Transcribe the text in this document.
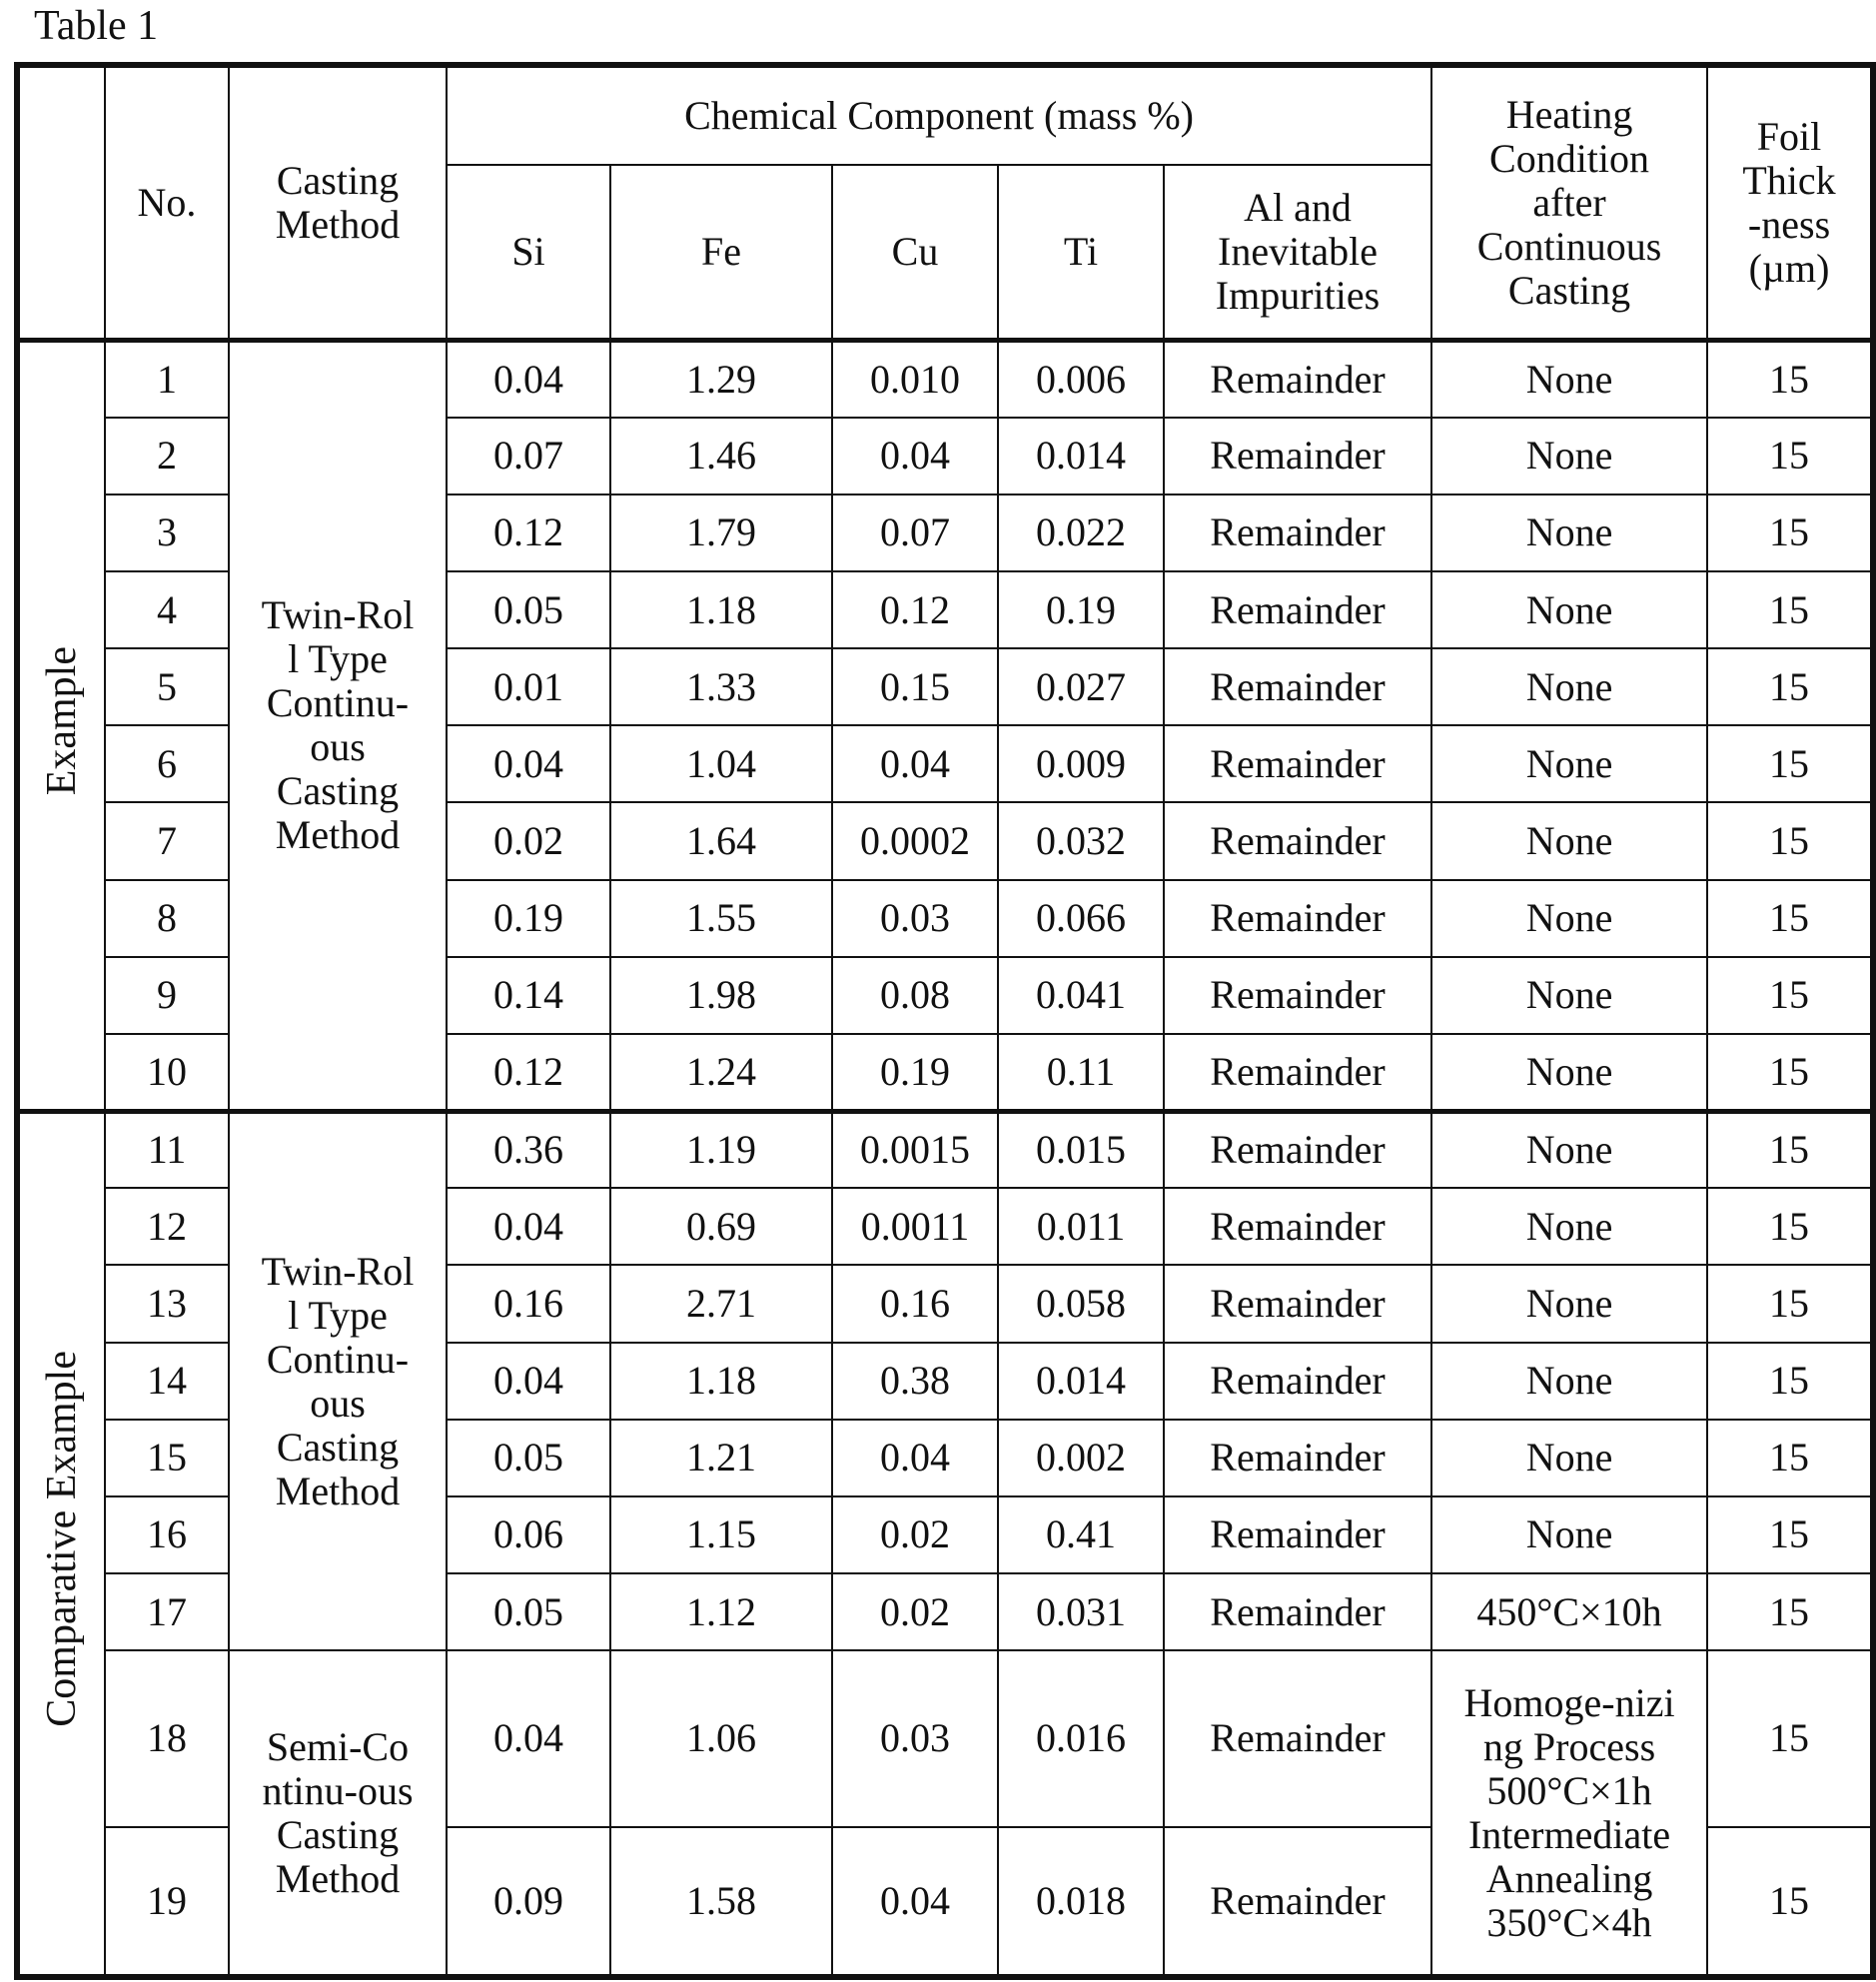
Table 1
	No.	Casting
Method
	Chemical Component (mass %)	Heating
Condition
after
Continuous
Casting

Foil
Thick
-ness
(µm)

Si	Fe	Cu	Ti	
Al and
Inevitable
Impurities

Example	1	
Twin-Rol
l Type
Continu-
ous
Casting
Method
	0.04	1.29	0.010	0.006	Remainder	None	15
2	0.07	1.46	0.04	0.014	Remainder	None	15
3	0.12	1.79	0.07	0.022	Remainder	None	15
4	0.05	1.18	0.12	0.19	Remainder	None	15
5	0.01	1.33	0.15	0.027	Remainder	None	15
6	0.04	1.04	0.04	0.009	Remainder	None	15
7	0.02	1.64	0.0002	0.032	Remainder	None	15
8	0.19	1.55	0.03	0.066	Remainder	None	15
9	0.14	1.98	0.08	0.041	Remainder	None	15
10	0.12	1.24	0.19	0.11	Remainder	None	15
Comparative Example	11	
Twin-Rol
l Type
Continu-
ous
Casting
Method
	0.36	1.19	0.0015	0.015	Remainder	None	15
12	0.04	0.69	0.0011	0.011	Remainder	None	15
13	0.16	2.71	0.16	0.058	Remainder	None	15
14	0.04	1.18	0.38	0.014	Remainder	None	15
15	0.05	1.21	0.04	0.002	Remainder	None	15
16	0.06	1.15	0.02	0.41	Remainder	None	15
17	0.05	1.12	0.02	0.031	Remainder	450°C×10h	15
18	Semi-Co
ntinu-ous
Casting
Method
	0.04	1.06	0.03	0.016	Remainder	
Homoge-nizi
ng Process
500°C×1h
Intermediate
Annealing
350°C×4h
	15
19	0.09	1.58	0.04	0.018	Remainder	15
